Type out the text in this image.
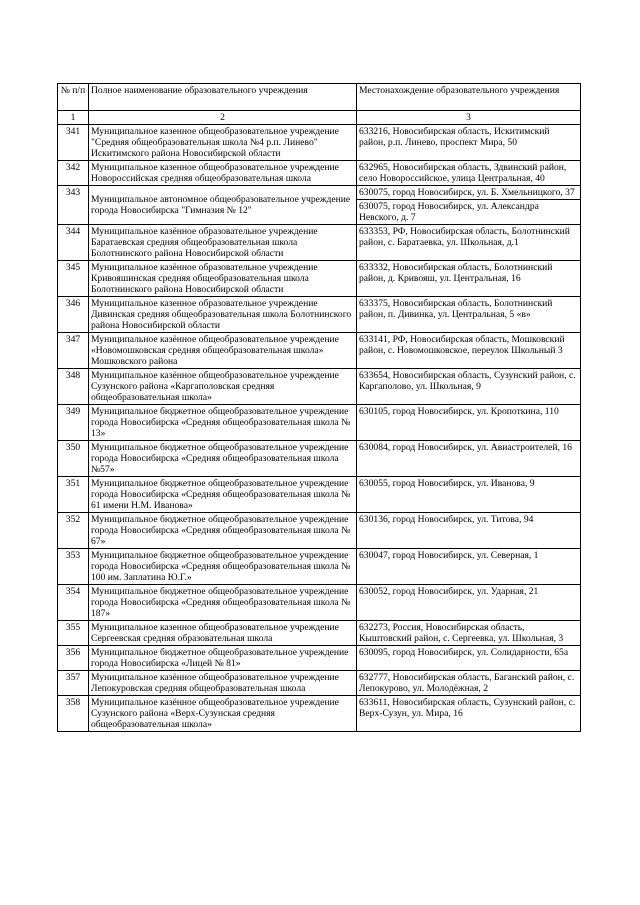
№ п/п	Полное наименование образовательного учреждения	Местонахождение образовательного учреждения
1	2	3
341	Муниципальное казенное общеобразовательное учреждение "Средняя общеобразовательная школа №4 р.п. Линево" Искитимского района Новосибирской области	633216, Новосибирская область, Искитимский район, р.п. Линево, проспект Мира, 50
342	Муниципальное казенное общеобразовательное учреждение Новороссийская средняя общеобразовательная школа	632965, Новосибирская область, Здвинский район, село Новороссийское, улица Центральная, 40
343	Муниципальное автономное общеобразовательное учреждение города Новосибирска "Гимназия № 12"	630075, город Новосибирск, ул. Б. Хмельницкого, 37
		630075, город Новосибирск, ул. Александра Невского, д. 7
344	Муниципальное казённое образовательное учреждение Баратаевская средняя общеобразовательная школа Болотнинского района Новосибирской области	633353, РФ, Новосибирская область, Болотнинский район, с. Баратаевка, ул. Школьная, д.1
345	Муниципальное казённое образовательное учреждение Кривояшинская средняя общеобразовательная школа Болотнинского района Новосибирской области	633332, Новосибирская область, Болотнинский район, д. Кривояш, ул. Центральная, 16
346	Муниципальное казенное образовательное учреждение Дивинская средняя общеобразовательная школа Болотнинского района Новосибирской области	633375, Новосибирская область, Болотнинский район, п. Дивинка, ул. Центральная, 5 «в»
347	Муниципальное казённое общеобразовательное учреждение «Новомошковская средняя общеобразовательная школа» Мошковского района	633141, РФ, Новосибирская область, Мошковский район, с. Новомошковское, переулок Школьный 3
348	Муниципальное казённое общеобразовательное учреждение Сузунского района «Каргаполовская средняя общеобразовательная школа»	633654, Новосибирская область, Сузунский район, с. Каргаполово, ул. Школьная, 9
349	Муниципальное бюджетное общеобразовательное учреждение города Новосибирска «Средняя общеобразовательная школа № 13»	630105, город Новосибирск, ул. Кропоткина, 110
350	Муниципальное бюджетное общеобразовательное учреждение города Новосибирска «Средняя общеобразовательная школа №57»	630084, город Новосибирск, ул. Авиастроителей, 16
351	Муниципальное бюджетное общеобразовательное учреждение города Новосибирска «Средняя общеобразовательная школа № 61 имени Н.М. Иванова»	630055, город Новосибирск, ул. Иванова, 9
352	Муниципальное бюджетное общеобразовательное учреждение города Новосибирска «Средняя общеобразовательная школа № 67»	630136, город Новосибирск, ул. Титова, 94
353	Муниципальное бюджетное общеобразовательное учреждение города Новосибирска «Средняя общеобразовательная школа № 100 им. Заплатина Ю.Г.»	630047, город Новосибирск, ул. Северная, 1
354	Муниципальное бюджетное общеобразовательное учреждение города Новосибирска «Средняя общеобразовательная школа № 187»	630052, город Новосибирск, ул. Ударная, 21
355	Муниципальное казенное общеобразовательное учреждение Сергеевская средняя образовательная школа	632273, Россия, Новосибирская область, Кыштовский район, с. Сергеевка, ул. Школьная, 3
356	Муниципальное бюджетное общеобразовательное учреждение города Новосибирска «Лицей № 81»	630095, город Новосибирск, ул. Солидарности, 65а
357	Муниципальное казённое общеобразовательное учреждение Лепокуровская средняя общеобразовательная школа	632777, Новосибирская область, Баганский район, с. Лепокурово, ул. Молодёжная, 2
358	Муниципальное казённое общеобразовательное учреждение Сузунского района «Верх-Сузунская средняя общеобразовательная школа»	633611, Новосибирская область, Сузунский район, с. Верх-Сузун, ул. Мира, 16
